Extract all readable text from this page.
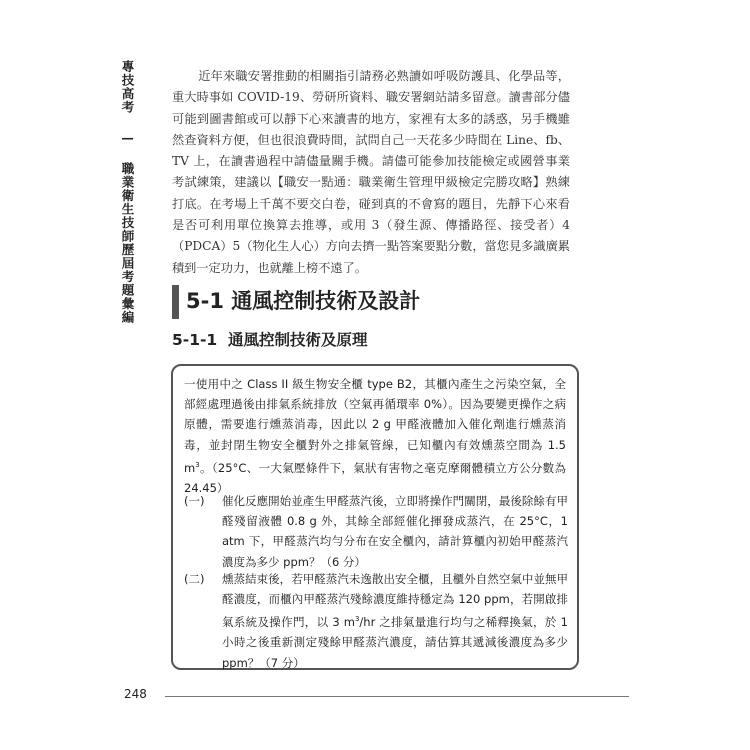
專技高考 — 職業衛生技師歷屆考題彙編	近年來職安署推動的相關指引請務必熟讀如呼吸防護具、化學品等，重大時事如 COVID-19、勞研所資料、職安署網站請多留意。讀書部分儘可能到圖書館或可以靜下心來讀書的地方，家裡有太多的誘惑，另手機雖然查資料方便，但也很浪費時間，試問自己一天花多少時間在 Line、fb、TV 上，在讀書過程中請儘量關手機。請儘可能參加技能檢定或國營事業考試練策，建議以【職安一點通：職業衛生管理甲級檢定完勝攻略】熟練打底。在考場上千萬不要交白卷，碰到真的不會寫的題目，先靜下心來看是否可利用單位換算去推導，或用 3（發生源、傳播路徑、接受者）4（PDCA）5（物化生人心）方向去擠一點答案要點分數，當您見多識廣累積到一定功力，也就離上榜不遠了。

5-1 通風控制技術及設計
5-1-1 通風控制技術及原理

一使用中之 Class II 級生物安全櫃 type B2，其櫃內產生之污染空氣，全部經處理過後由排氣系統排放（空氣再循環率 0%）。因為要變更操作之病原體，需要進行燻蒸消毒，因此以 2 g 甲醛液體加入催化劑進行燻蒸消毒，並封閉生物安全櫃對外之排氣管線，已知櫃內有效燻蒸空間為 1.5 $m^3$。（25°C、一大氣壓條件下，氣狀有害物之毫克摩爾體積立方公分數為 24.45）

(一)	催化反應開始並產生甲醛蒸汽後，立即將操作門關閉，最後除餘有甲醛殘留液體 0.8 g 外，其餘全部經催化揮發成蒸汽，在 25°C，1 atm 下，甲醛蒸汽均勻分布在安全櫃內，請計算櫃內初始甲醛蒸汽濃度為多少 ppm？（6 分）

(二)	燻蒸結束後，若甲醛蒸汽未逸散出安全櫃，且櫃外自然空氣中並無甲醛濃度，而櫃內甲醛蒸汽殘餘濃度維持穩定為 120 ppm，若開啟排氣系統及操作門，以 3 $m^3/hr$ 之排氣量進行均勻之稀釋換氣，於 1 小時之後重新測定殘餘甲醛蒸汽濃度，請估算其遞減後濃度為多少 ppm？（7 分）

248
